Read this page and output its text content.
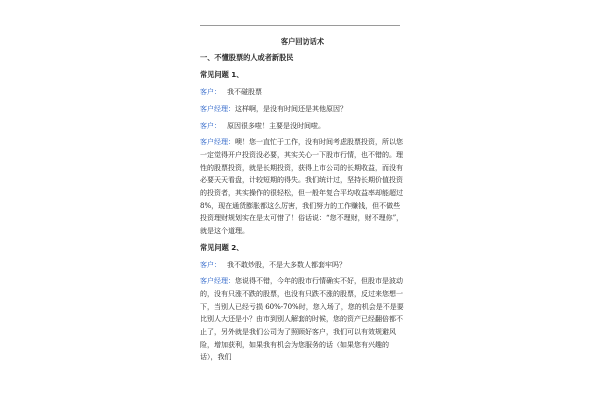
客户回访话术
一、不懂股票的人或者新股民
常见问题 1、
客户： 我不碰股票
客户经理：这样啊，是没有时间还是其他原因？
客户： 原因很多啦！主要是没时间啦。
客户经理：噢！您一直忙于工作，没有时间考虑股票投资，所以您一定觉得开户投资没必要，其实关心一下股市行情，也不错的。理性的股票投资，就是长期投资，获得上市公司的长期收益，而没有必要天天看盘，计较短期的得失。我们统计过，坚持长期价值投资的投资者，其实操作的很轻松，但一般年复合平均收益率却能超过 8%，现在通货膨胀都这么厉害，我们努力的工作赚钱，但不做些投资理财规划实在是太可惜了！俗话说：“您不理财，财不理你”，就是这个道理。
常见问题 2、
客户： 我不敢炒股，不是大多数人都套牢吗？
客户经理：您说得不错，今年的股市行情确实不好，但股市是波动的，没有只涨不跌的股票，也没有只跌不涨的股票，反过来您想一下，当别人已经亏损 60%-70%时，您入场了，您的机会是不是要比别人大还是小？由市到别人解套的时候，您的资产已经翻倍都不止了，另外就是我们公司为了照顾好客户，我们可以有效规避风险，增加获利，如果我有机会为您服务的话（如果您有兴趣的话），我们
